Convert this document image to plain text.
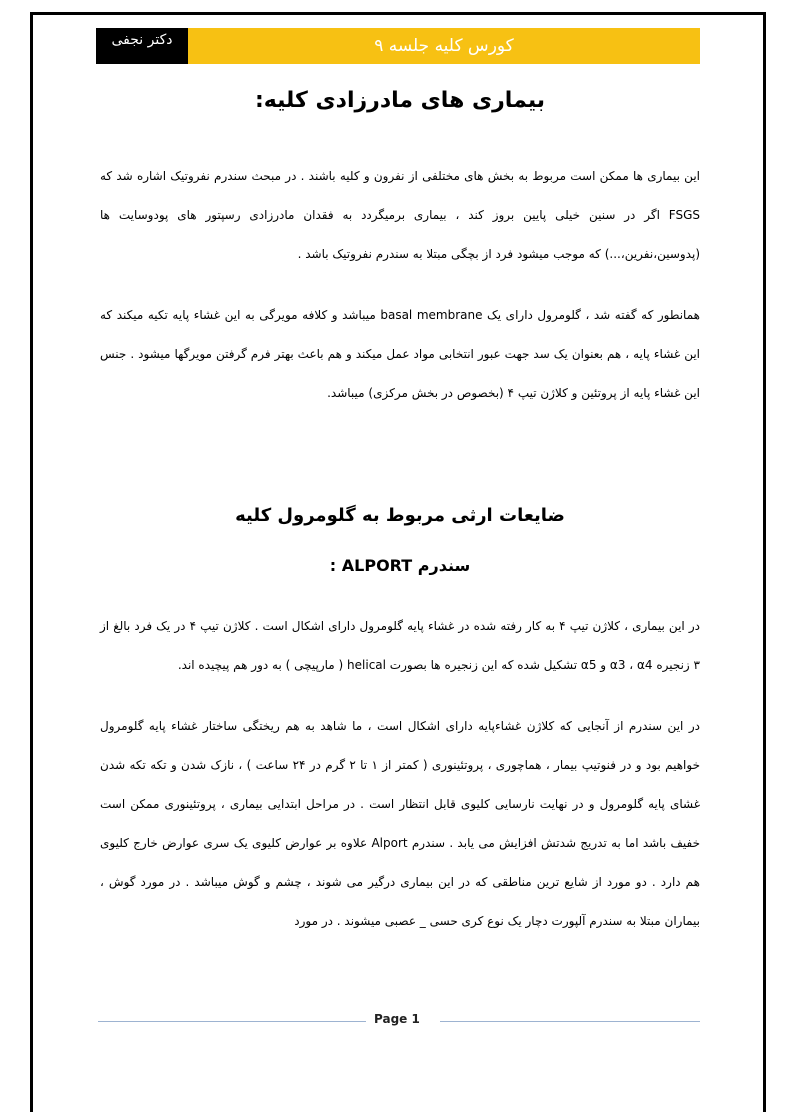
دکتر نجفی	کورس کلیه جلسه ۹
بیماری های مادرزادی کلیه:

این بیماری ها ممکن است مربوط به بخش های مختلفی از نفرون و کلیه باشند . در مبحث سندرم نفروتیک اشاره شد که FSGS اگر در سنین خیلی پایین بروز کند ، بیماری برمیگردد به فقدان مادرزادی رسپتور های پودوسایت ها (پدوسین،نفرین،...) که موجب میشود فرد از بچگی مبتلا به سندرم نفروتیک باشد .

همانطور که گفته شد ، گلومرول دارای یک basal membrane میباشد و کلافه مویرگی به این غشاء پایه تکیه میکند که این غشاء پایه ، هم بعنوان یک سد جهت عبور انتخابی مواد عمل میکند و هم باعث بهتر فرم گرفتن مویرگها میشود . جنس این غشاء پایه از پروتئین و کلاژن تیپ ۴ (بخصوص در بخش مرکزی) میباشد.

ضایعات ارثی مربوط به گلومرول کلیه
سندرم ALPORT :

در این بیماری ، کلاژن تیپ ۴ به کار رفته شده در غشاء پایه گلومرول دارای اشکال است . کلاژن تیپ ۴ در یک فرد بالغ از ۳ زنجیره α3 ، α4 و α5 تشکیل شده که این زنجیره ها بصورت helical ( مارپیچی ) به دور هم پیچیده اند.

در این سندرم از آنجایی که کلاژن غشاءپایه دارای اشکال است ، ما شاهد به هم ریختگی ساختار غشاء پایه گلومرول خواهیم بود و در فنوتیپ بیمار ، هماچوری ، پروتئینوری ( کمتر از ۱ تا ۲ گرم در ۲۴ ساعت ) ، نازک شدن و تکه تکه شدن غشای پایه گلومرول و در نهایت نارسایی کلیوی قابل انتظار است . در مراحل ابتدایی بیماری ، پروتئینوری ممکن است خفیف باشد اما به تدریج شدتش افزایش می یابد . سندرم Alport علاوه بر عوارض کلیوی یک سری عوارض خارج کلیوی هم دارد . دو مورد از شایع ترین مناطقی که در این بیماری درگیر می شوند ، چشم و گوش میباشد . در مورد گوش ، بیماران مبتلا به سندرم آلپورت دچار یک نوع کری حسی _ عصبی میشوند . در مورد

Page 1
